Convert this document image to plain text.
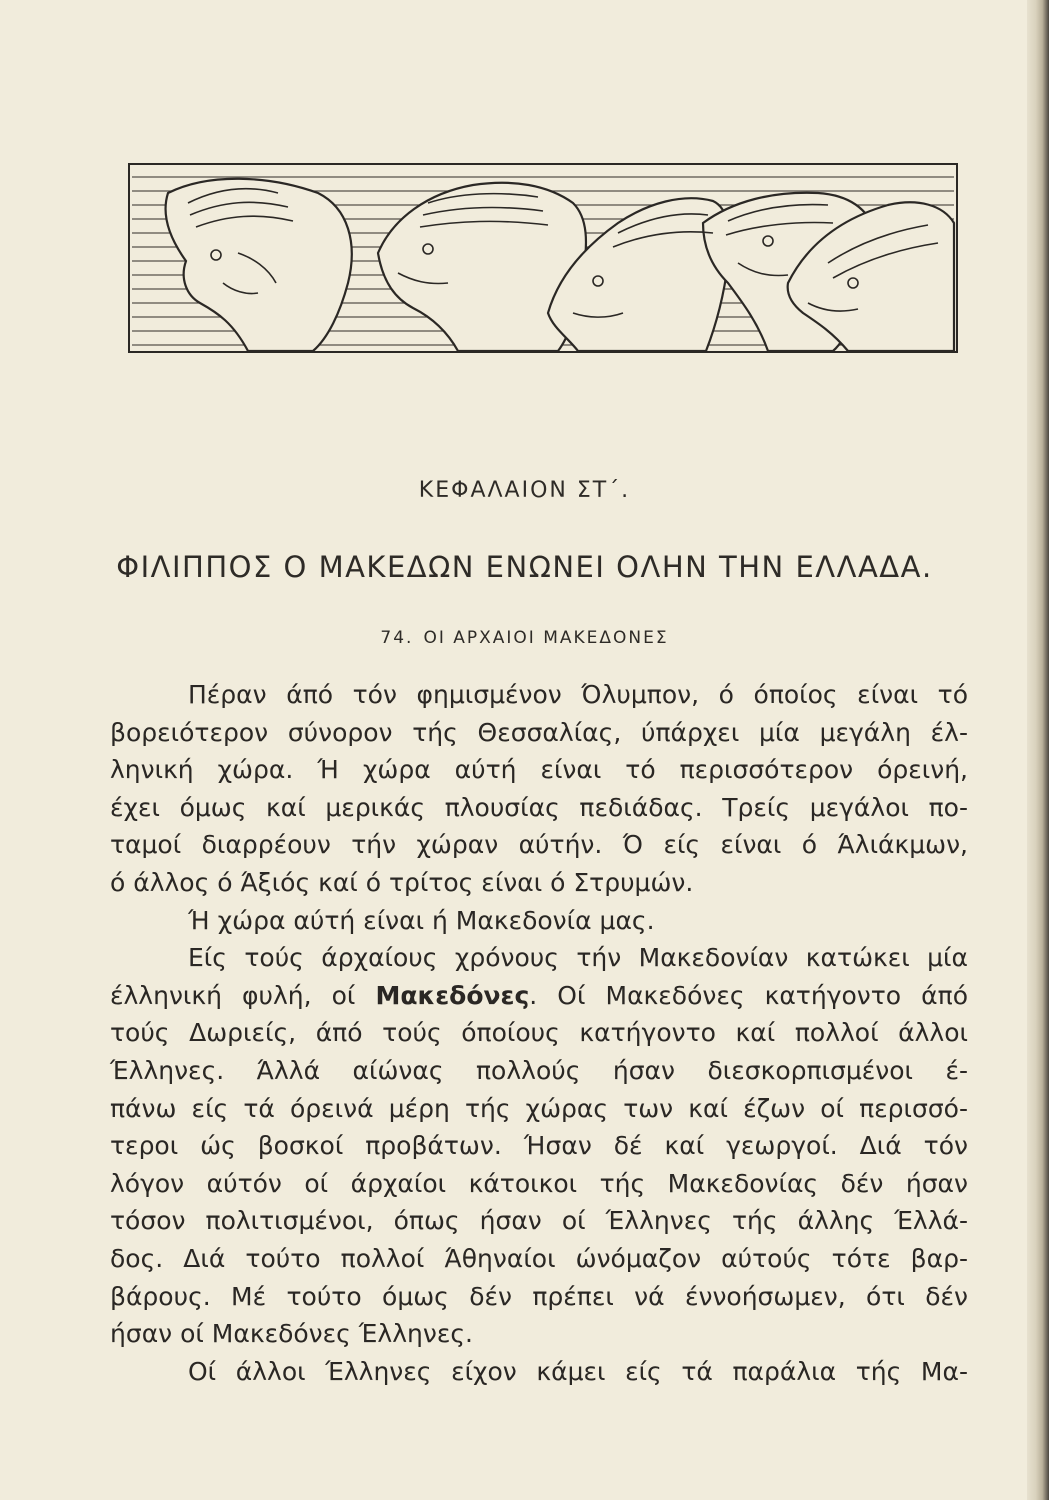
ΚΕΦΑΛΑΙΟΝ ΣΤ΄.
ΦΙΛΙΠΠΟΣ Ο ΜΑΚΕΔΩΝ ΕΝΩΝΕΙ ΟΛΗΝ ΤΗΝ ΕΛΛΑΔΑ.
74. ΟΙ ΑΡΧΑΙΟΙ ΜΑΚΕΔΟΝΕΣ
Πέραν άπό τόν φημισμένον Όλυμπον, ό όποίος είναι τό
βορειότερον σύνορον τής Θεσσαλίας, ύπάρχει μία μεγάλη έλ-
ληνική χώρα. Ή χώρα αύτή είναι τό περισσότερον όρεινή,
έχει όμως καί μερικάς πλουσίας πεδιάδας. Τρείς μεγάλοι πο-
ταμοί διαρρέουν τήν χώραν αύτήν. Ό είς είναι ό Άλιάκμων,
ό άλλος ό Άξιός καί ό τρίτος είναι ό Στρυμών.
Ή χώρα αύτή είναι ή Μακεδονία μας.
Είς τούς άρχαίους χρόνους τήν Μακεδονίαν κατώκει μία
έλληνική φυλή, οί Μακεδόνες. Οί Μακεδόνες κατήγοντο άπό
τούς Δωριείς, άπό τούς όποίους κατήγοντο καί πολλοί άλλοι
Έλληνες. Άλλά αίώνας πολλούς ήσαν διεσκορπισμένοι έ-
πάνω είς τά όρεινά μέρη τής χώρας των καί έζων οί περισσό-
τεροι ώς βοσκοί προβάτων. Ήσαν δέ καί γεωργοί. Διά τόν
λόγον αύτόν οί άρχαίοι κάτοικοι τής Μακεδονίας δέν ήσαν
τόσον πολιτισμένοι, όπως ήσαν οί Έλληνες τής άλλης Έλλά-
δος. Διά τούτο πολλοί Άθηναίοι ώνόμαζον αύτούς τότε βαρ-
βάρους. Μέ τούτο όμως δέν πρέπει νά έννοήσωμεν, ότι δέν
ήσαν οί Μακεδόνες Έλληνες.
Οί άλλοι Έλληνες είχον κάμει είς τά παράλια τής Μα-
